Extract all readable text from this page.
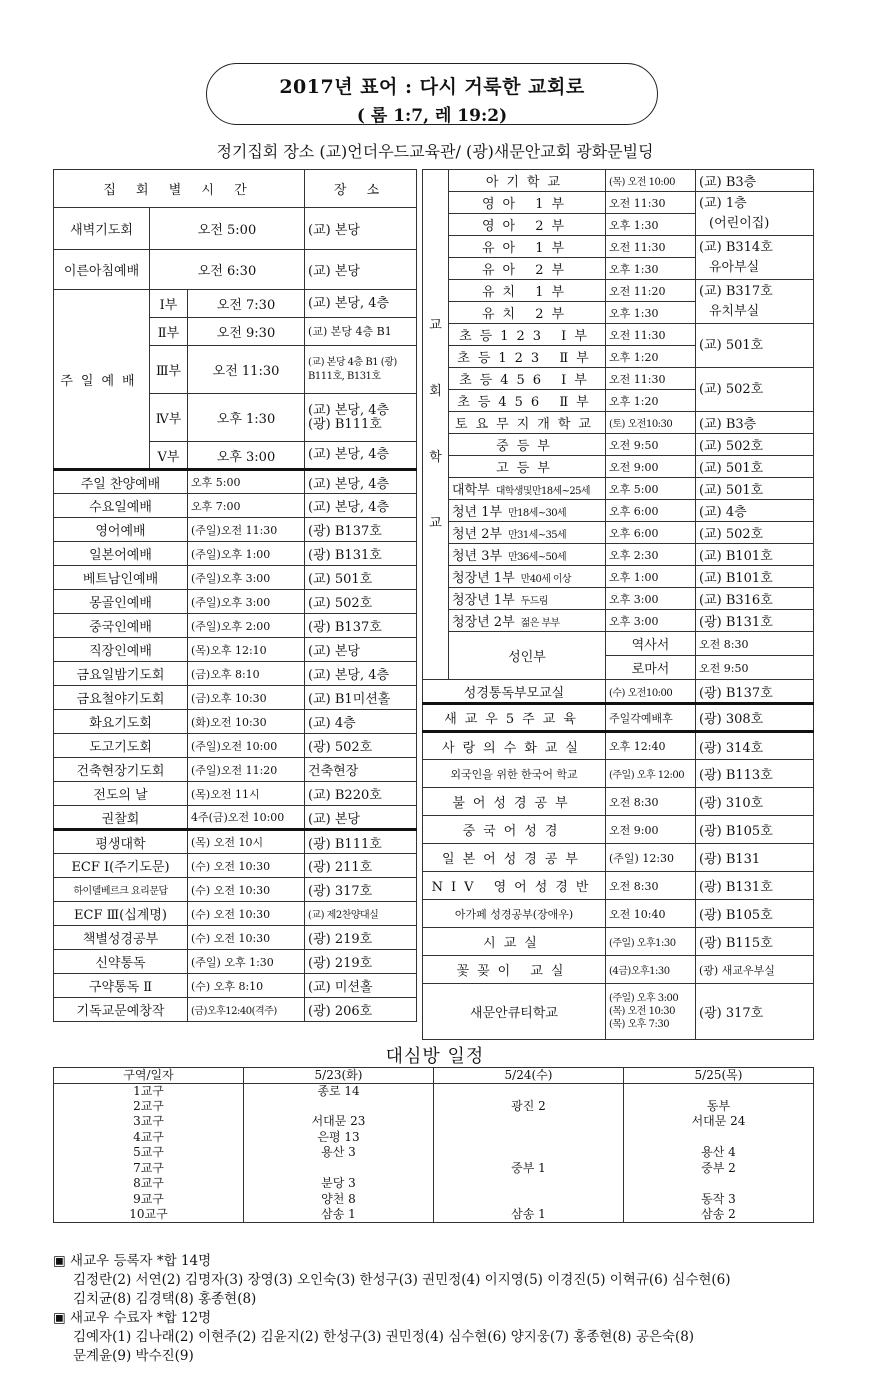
2017년 표어 : 다시 거룩한 교회로
( 롬 1:7, 레 19:2)
정기집회 장소 (교)언더우드교육관/ (광)새문안교회 광화문빌딩
집 회 별 시 간			장 소
새벽기도회	오전 5:00		(교) 본당
이른아침예배	오전 6:30		(교) 본당
주일예배	Ⅰ부	오전 7:30	(교) 본당, 4층
	Ⅱ부	오전 9:30	(교) 본당 4층 B1
	Ⅲ부	오전 11:30	(교) 본당 4층 B1 (광) B111호, B131호
	Ⅳ부	오후 1:30	(교) 본당, 4층 (광) B111호
	Ⅴ부	오후 3:00	(교) 본당, 4층
주일 찬양예배		오후 5:00	(교) 본당, 4층
수요일예배		오후 7:00	(교) 본당, 4층
영어예배		(주일)오전 11:30	(광) B137호
일본어예배		(주일)오후 1:00	(광) B131호
베트남인예배		(주일)오후 3:00	(교) 501호
몽골인예배		(주일)오후 3:00	(교) 502호
중국인예배		(주일)오후 2:00	(광) B137호
직장인예배		(목)오후 12:10	(교) 본당
금요일밤기도회		(금)오후 8:10	(교) 본당, 4층
금요철야기도회		(금)오후 10:30	(교) B1미션홀
화요기도회		(화)오전 10:30	(교) 4층
도고기도회		(주일)오전 10:00	(광) 502호
건축현장기도회		(주일)오전 11:20	건축현장
전도의 날		(목)오전 11시	(교) B220호
권찰회		4주(금)오전 10:00	(교) 본당
평생대학		(목) 오전 10시	(광) B111호
ECF Ⅰ(주기도문)		(수) 오전 10:30	(광) 211호
하이델베르크 요리문답		(수) 오전 10:30	(광) 317호
ECF Ⅲ(십계명)		(수) 오전 10:30	(교) 제2찬양대실
책별성경공부		(수) 오전 10:30	(광) 219호
신약통독		(주일) 오후 1:30	(광) 219호
구약통독 Ⅱ		(수) 오후 8:10	(교) 미션홀
기독교문예창작		(금)오후12:40(격주)	(광) 206호
교
회
학
교	아기학교	(목) 오전 10:00	(교) B3층	
	영아 1부	오전 11:30	(교) 1층
(어린이집)	

	영아 2부	오후 1:30		
	유아 1부	오전 11:30	(교) B314호
유아부실	

	유아 2부	오후 1:30		
	유치 1부	오전 11:20	(교) B317호
유치부실	

	유치 2부	오후 1:30		
	초등123 Ⅰ부	오전 11:30	(교) 501호	

	초등123 Ⅱ부	오후 1:20		
	초등456 Ⅰ부	오전 11:30	(교) 502호	

	초등456 Ⅱ부	오후 1:20		
	토요무지개학교	(토) 오전10:30	(교) B3층	
	중등부	오전 9:50	(교) 502호	
	고등부	오전 9:00	(교) 501호	
	대학부 대학생및만18세~25세	오후 5:00	(교) 501호	
	청년 1부 만18세~30세	오후 6:00	(교) 4층	
	청년 2부 만31세~35세	오후 6:00	(교) 502호	
	청년 3부 만36세~50세	오후 2:30	(교) B101호	
	청장년 1부 만40세 이상	오후 1:00	(교) B101호	
	청장년 1부 두드림	오후 3:00	(교) B316호	
	청장년 2부 젊은 부부	오후 3:00	(광) B131호	
	성인부	역사서	오전 8:30	
		로마서	오전 9:50	
성경통독부모교실		(수) 오전10:00	(광) B137호	
새교우5주교육		주일각예배후	(광) 308호	
사랑의수화교실		오후 12:40	(광) 314호	
외국인을 위한 한국어 학교		(주일) 오후 12:00	(광) B113호	
불어성경공부		오전 8:30	(광) 310호	
중국어성경		오전 9:00	(광) B105호	
일본어성경공부		(주일) 12:30	(광) B131	
NIV 영어성경반		오전 8:30	(광) B131호	
아가페 성경공부(장애우)		오전 10:40	(광) B105호	
시교실		(주일) 오후1:30	(광) B115호	
꽃꽂이 교실		(4금)오후1:30	(광) 새교우부실	
새문안큐티학교		(주일) 오후 3:00
(목) 오전 10:30
(목) 오후 7:30	(광) 317호	
대심방 일정
구역/일자	5/23(화)	5/24(수)	5/25(목)
1교구	종로 14		
2교구		광진 2	동부
3교구	서대문 23		서대문 24
4교구	은평 13		
5교구	용산 3		용산 4
7교구		중부 1	중부 2
8교구	분당 3		
9교구	양천 8		동작 3
10교구	삼송 1	삼송 1	삼송 2

▣ 새교우 등록자 *합 14명

김정란(2) 서연(2) 김명자(3) 장영(3) 오인숙(3) 한성구(3) 권민정(4) 이지영(5) 이경진(5) 이혁규(6) 심수현(6)

김치균(8) 김경택(8) 홍종현(8)

▣ 새교우 수료자 *합 12명

김예자(1) 김나래(2) 이현주(2) 김윤지(2) 한성구(3) 권민정(4) 심수현(6) 양지웅(7) 홍종현(8) 공은숙(8)

문계윤(9) 박수진(9)
